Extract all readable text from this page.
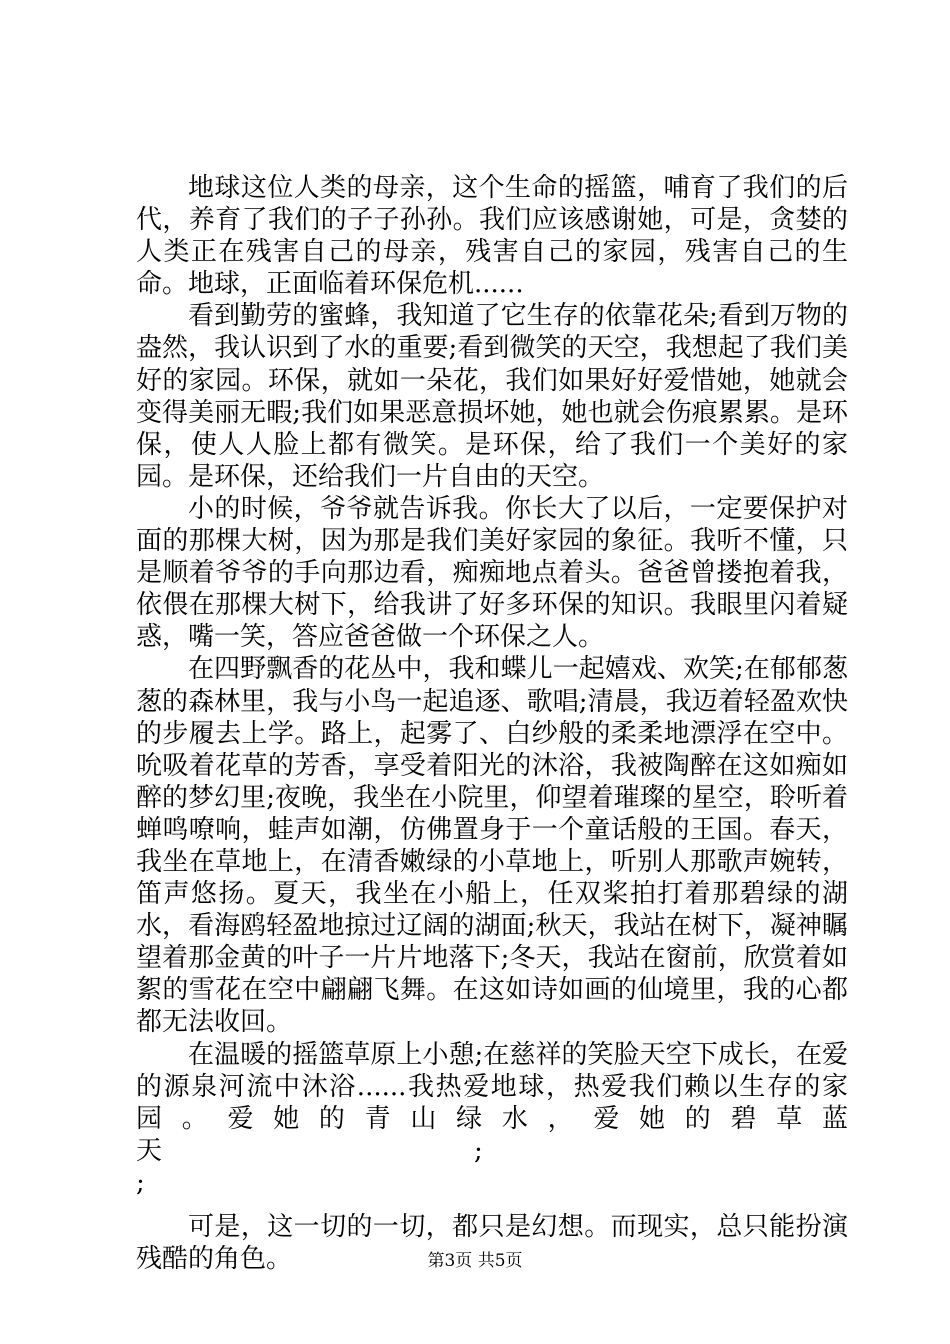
地球这位人类的母亲，这个生命的摇篮，哺育了我们的后代，养育了我们的子子孙孙。我们应该感谢她，可是，贪婪的人类正在残害自己的母亲，残害自己的家园，残害自己的生命。地球，正面临着环保危机......

看到勤劳的蜜蜂，我知道了它生存的依靠花朵;看到万物的盎然，我认识到了水的重要;看到微笑的天空，我想起了我们美好的家园。环保，就如一朵花，我们如果好好爱惜她，她就会变得美丽无暇;我们如果恶意损坏她，她也就会伤痕累累。是环保，使人人脸上都有微笑。是环保，给了我们一个美好的家园。是环保，还给我们一片自由的天空。

小的时候，爷爷就告诉我。你长大了以后，一定要保护对面的那棵大树，因为那是我们美好家园的象征。我听不懂，只是顺着爷爷的手向那边看，痴痴地点着头。爸爸曾搂抱着我，依偎在那棵大树下，给我讲了好多环保的知识。我眼里闪着疑惑，嘴一笑，答应爸爸做一个环保之人。

在四野飘香的花丛中，我和蝶儿一起嬉戏、欢笑;在郁郁葱葱的森林里，我与小鸟一起追逐、歌唱;清晨，我迈着轻盈欢快的步履去上学。路上，起雾了、白纱般的柔柔地漂浮在空中。吮吸着花草的芳香，享受着阳光的沐浴，我被陶醉在这如痴如醉的梦幻里;夜晚，我坐在小院里，仰望着璀璨的星空，聆听着蝉鸣嘹响，蛙声如潮，仿佛置身于一个童话般的王国。春天，我坐在草地上，在清香嫩绿的小草地上，听别人那歌声婉转，笛声悠扬。夏天，我坐在小船上，任双桨拍打着那碧绿的湖水，看海鸥轻盈地掠过辽阔的湖面;秋天，我站在树下，凝神瞩望着那金黄的叶子一片片地落下;冬天，我站在窗前，欣赏着如絮的雪花在空中翩翩飞舞。在这如诗如画的仙境里，我的心都都无法收回。

在温暖的摇篮草原上小憩;在慈祥的笑脸天空下成长，在爱的源泉河流中沐浴......我热爱地球，热爱我们赖以生存的家园。爱她的青山绿水，爱她的碧草蓝天　　　　　　　　　　　　;
;

可是，这一切的一切，都只是幻想。而现实，总只能扮演残酷的角色。	第3页 共5页
